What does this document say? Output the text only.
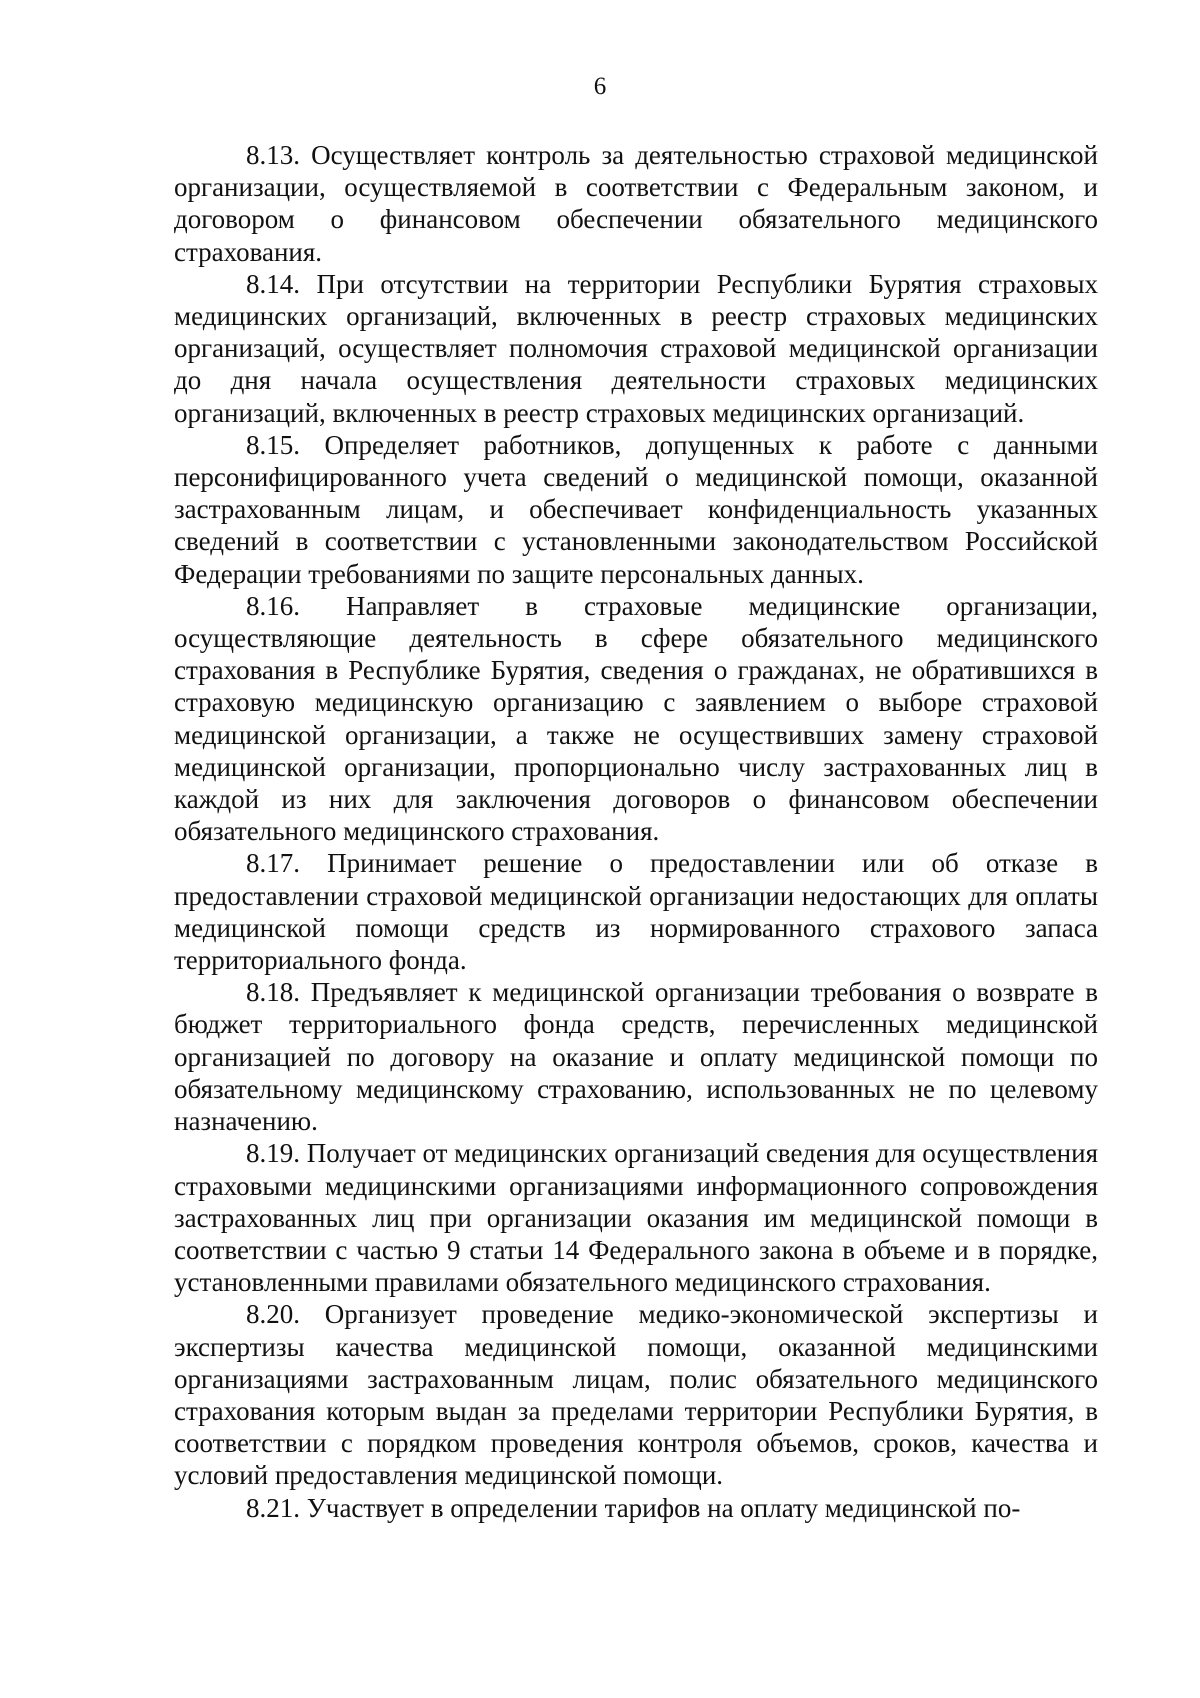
6

8.13. Осуществляет контроль за деятельностью страховой медицинской организации, осуществляемой в соответствии с Федеральным законом, и договором о финансовом обеспечении обязательного медицинского страхования.

8.14. При отсутствии на территории Республики Бурятия страховых медицинских организаций, включенных в реестр страховых медицинских организаций, осуществляет полномочия страховой медицинской организации до дня начала осуществления деятельности страховых медицинских организаций, включенных в реестр страховых медицинских организаций.

8.15. Определяет работников, допущенных к работе с данными персонифицированного учета сведений о медицинской помощи, оказанной застрахованным лицам, и обеспечивает конфиденциальность указанных сведений в соответствии с установленными законодательством Российской Федерации требованиями по защите персональных данных.

8.16. Направляет в страховые медицинские организации, осуществляющие деятельность в сфере обязательного медицинского страхования в Республике Бурятия, сведения о гражданах, не обратившихся в страховую медицинскую организацию с заявлением о выборе страховой медицинской организации, а также не осуществивших замену страховой медицинской организации, пропорционально числу застрахованных лиц в каждой из них для заключения договоров о финансовом обеспечении обязательного медицинского страхования.

8.17. Принимает решение о предоставлении или об отказе в предоставлении страховой медицинской организации недостающих для оплаты медицинской помощи средств из нормированного страхового запаса территориального фонда.

8.18. Предъявляет к медицинской организации требования о возврате в бюджет территориального фонда средств, перечисленных медицинской организацией по договору на оказание и оплату медицинской помощи по обязательному медицинскому страхованию, использованных не по целевому назначению.

8.19. Получает от медицинских организаций сведения для осуществления страховыми медицинскими организациями информационного сопровождения застрахованных лиц при организации оказания им медицинской помощи в соответствии с частью 9 статьи 14 Федерального закона в объеме и в порядке, установленными правилами обязательного медицинского страхования.

8.20. Организует проведение медико-экономической экспертизы и экспертизы качества медицинской помощи, оказанной медицинскими организациями застрахованным лицам, полис обязательного медицинского страхования которым выдан за пределами территории Республики Бурятия, в соответствии с порядком проведения контроля объемов, сроков, качества и условий предоставления медицинской помощи.

8.21. Участвует в определении тарифов на оплату медицинской по-
